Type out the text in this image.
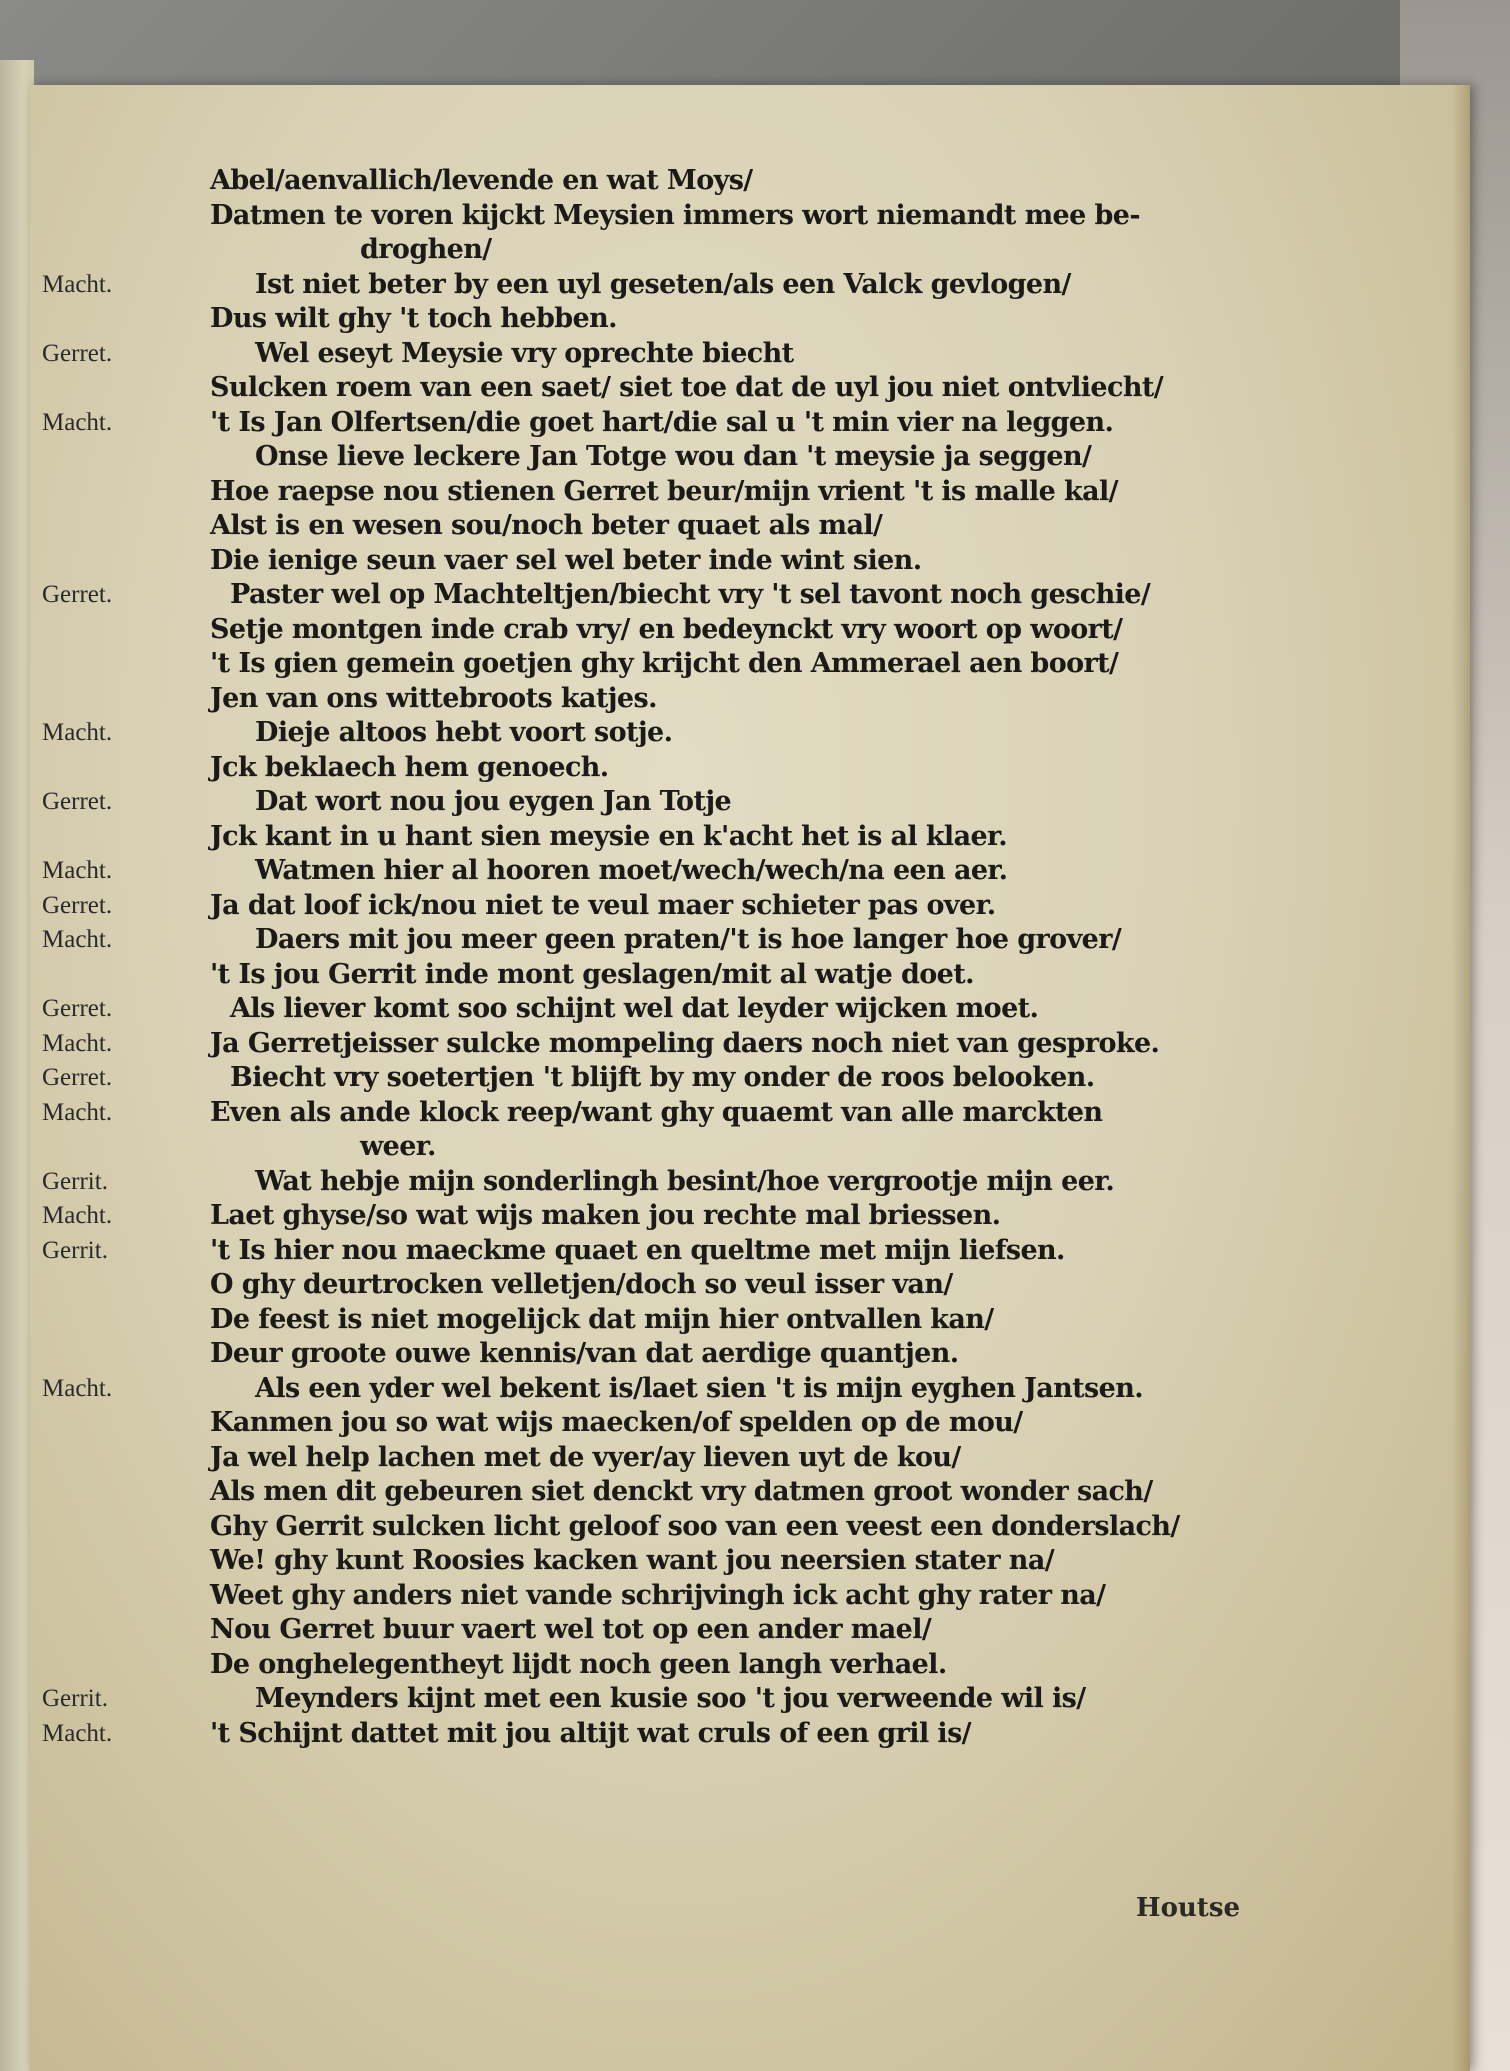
Abel/aenvallich/levende en wat Moys/
Datmen te voren kijckt Meysien immers wort niemandt mee be-
droghen/
Macht.	Ist niet beter by een uyl geseten/als een Valck gevlogen/
Dus wilt ghy 't toch hebben.
Gerret.	Wel eseyt Meysie vry oprechte biecht
Sulcken roem van een saet/ siet toe dat de uyl jou niet ontvliecht/
Macht.	't Is Jan Olfertsen/die goet hart/die sal u 't min vier na leggen.
Onse lieve leckere Jan Totge wou dan 't meysie ja seggen/
Hoe raepse nou stienen Gerret beur/mijn vrient 't is malle kal/
Alst is en wesen sou/noch beter quaet als mal/
Die ienige seun vaer sel wel beter inde wint sien.
Gerret.	Paster wel op Machteltjen/biecht vry 't sel tavont noch geschie/
Setje montgen inde crab vry/ en bedeynckt vry woort op woort/
't Is gien gemein goetjen ghy krijcht den Ammerael aen boort/
Jen van ons wittebroots katjes.
Macht.	Dieje altoos hebt voort sotje.
Jck beklaech hem genoech.
Gerret.	Dat wort nou jou eygen Jan Totje
Jck kant in u hant sien meysie en k'acht het is al klaer.
Macht.	Watmen hier al hooren moet/wech/wech/na een aer.
Gerret.	Ja dat loof ick/nou niet te veul maer schieter pas over.
Macht.	Daers mit jou meer geen praten/'t is hoe langer hoe grover/
't Is jou Gerrit inde mont geslagen/mit al watje doet.
Gerret.	Als liever komt soo schijnt wel dat leyder wijcken moet.
Macht.	Ja Gerretjeisser sulcke mompeling daers noch niet van gesproke.
Gerret.	Biecht vry soetertjen 't blijft by my onder de roos belooken.
Macht.	Even als ande klock reep/want ghy quaemt van alle marckten
weer.
Gerrit.	Wat hebje mijn sonderlingh besint/hoe vergrootje mijn eer.
Macht.	Laet ghyse/so wat wijs maken jou rechte mal briessen.
Gerrit.	't Is hier nou maeckme quaet en queltme met mijn liefsen.
O ghy deurtrocken velletjen/doch so veul isser van/
De feest is niet mogelijck dat mijn hier ontvallen kan/
Deur groote ouwe kennis/van dat aerdige quantjen.
Macht.	Als een yder wel bekent is/laet sien 't is mijn eyghen Jantsen.
Kanmen jou so wat wijs maecken/of spelden op de mou/
Ja wel help lachen met de vyer/ay lieven uyt de kou/
Als men dit gebeuren siet denckt vry datmen groot wonder sach/
Ghy Gerrit sulcken licht geloof soo van een veest een donderslach/
We! ghy kunt Roosies kacken want jou neersien stater na/
Weet ghy anders niet vande schrijvingh ick acht ghy rater na/
Nou Gerret buur vaert wel tot op een ander mael/
De onghelegentheyt lijdt noch geen langh verhael.
Gerrit.	Meynders kijnt met een kusie soo 't jou verweende wil is/
Macht.	't Schijnt dattet mit jou altijt wat cruls of een gril is/
Houtse
